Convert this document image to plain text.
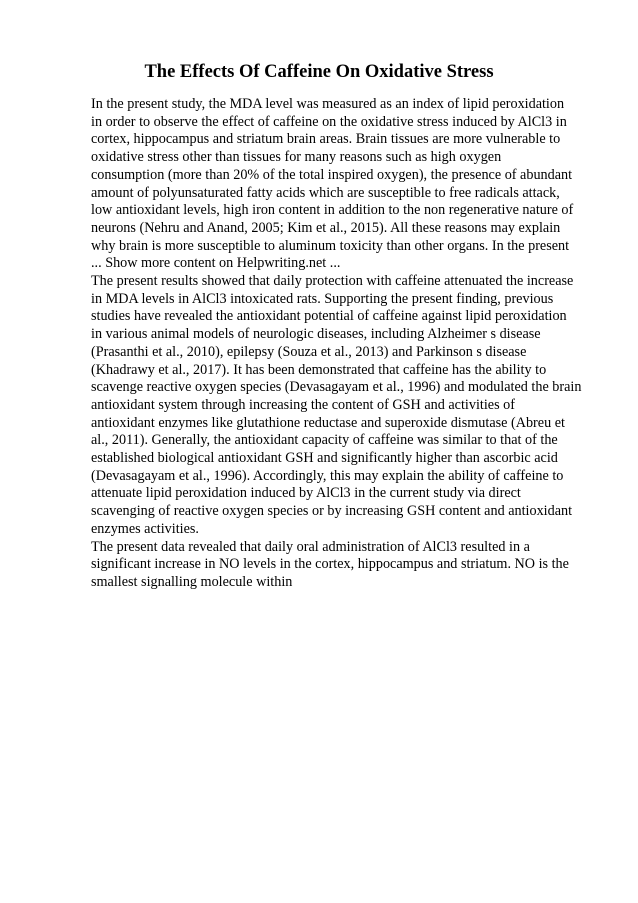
The Effects Of Caffeine On Oxidative Stress
In the present study, the MDA level was measured as an index of lipid peroxidation
in order to observe the effect of caffeine on the oxidative stress induced by AlCl3 in
cortex, hippocampus and striatum brain areas. Brain tissues are more vulnerable to
oxidative stress other than tissues for many reasons such as high oxygen
consumption (more than 20% of the total inspired oxygen), the presence of abundant
amount of polyunsaturated fatty acids which are susceptible to free radicals attack,
low antioxidant levels, high iron content in addition to the non regenerative nature of
neurons (Nehru and Anand, 2005; Kim et al., 2015). All these reasons may explain
why brain is more susceptible to aluminum toxicity than other organs. In the present
... Show more content on Helpwriting.net ...
The present results showed that daily protection with caffeine attenuated the increase
in MDA levels in AlCl3 intoxicated rats. Supporting the present finding, previous
studies have revealed the antioxidant potential of caffeine against lipid peroxidation
in various animal models of neurologic diseases, including Alzheimer s disease
(Prasanthi et al., 2010), epilepsy (Souza et al., 2013) and Parkinson s disease
(Khadrawy et al., 2017). It has been demonstrated that caffeine has the ability to
scavenge reactive oxygen species (Devasagayam et al., 1996) and modulated the brain
antioxidant system through increasing the content of GSH and activities of
antioxidant enzymes like glutathione reductase and superoxide dismutase (Abreu et
al., 2011). Generally, the antioxidant capacity of caffeine was similar to that of the
established biological antioxidant GSH and significantly higher than ascorbic acid
(Devasagayam et al., 1996). Accordingly, this may explain the ability of caffeine to
attenuate lipid peroxidation induced by AlCl3 in the current study via direct
scavenging of reactive oxygen species or by increasing GSH content and antioxidant
enzymes activities.
The present data revealed that daily oral administration of AlCl3 resulted in a
significant increase in NO levels in the cortex, hippocampus and striatum. NO is the
smallest signalling molecule within
